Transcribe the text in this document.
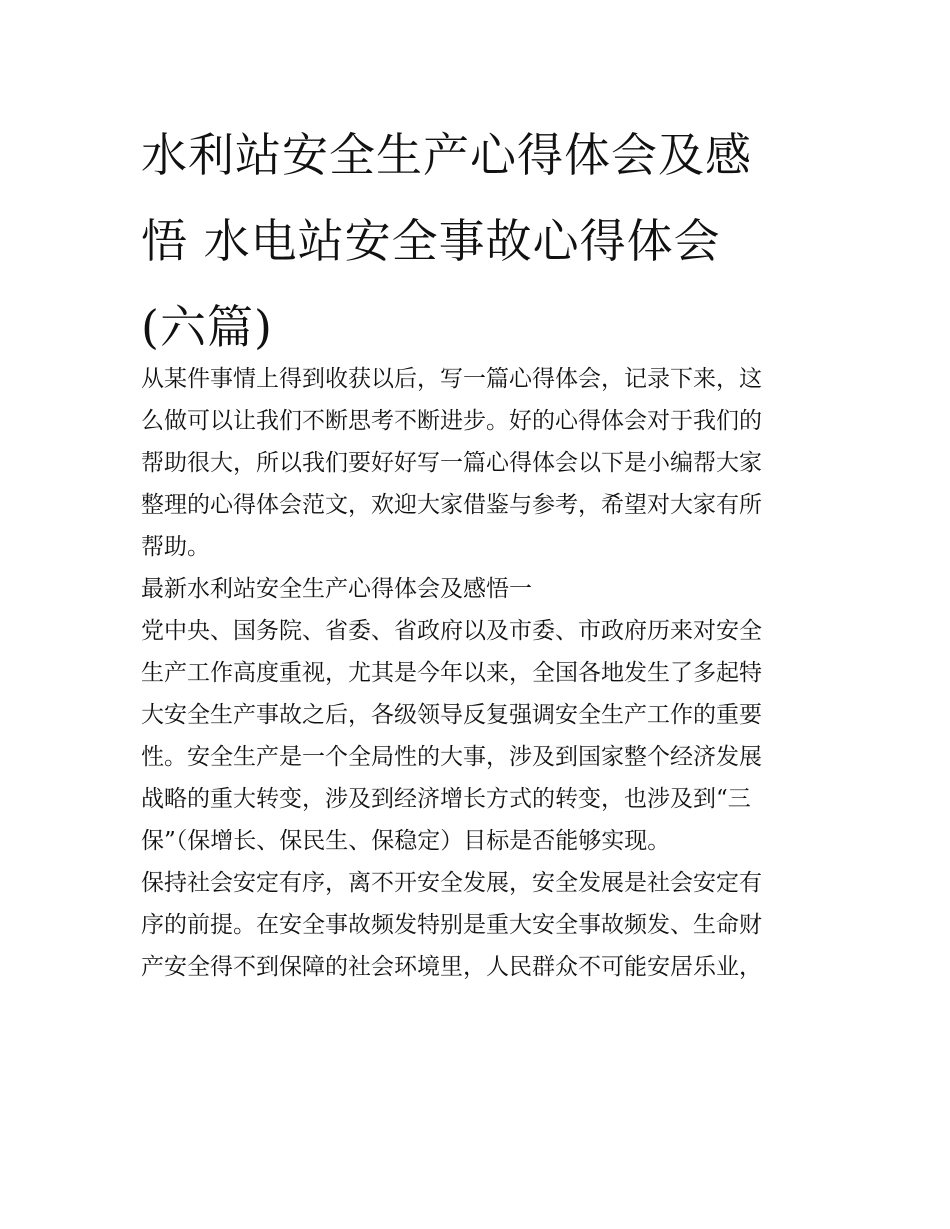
水利站安全生产心得体会及感
悟 水电站安全事故心得体会
(六篇)

从某件事情上得到收获以后，写一篇心得体会，记录下来，这
么做可以让我们不断思考不断进步。好的心得体会对于我们的
帮助很大，所以我们要好好写一篇心得体会以下是小编帮大家
整理的心得体会范文，欢迎大家借鉴与参考，希望对大家有所
帮助。

最新水利站安全生产心得体会及感悟一

党中央、国务院、省委、省政府以及市委、市政府历来对安全
生产工作高度重视，尤其是今年以来，全国各地发生了多起特
大安全生产事故之后，各级领导反复强调安全生产工作的重要
性。安全生产是一个全局性的大事，涉及到国家整个经济发展
战略的重大转变，涉及到经济增长方式的转变，也涉及到“三
保”（保增长、保民生、保稳定）目标是否能够实现。

保持社会安定有序，离不开安全发展，安全发展是社会安定有
序的前提。在安全事故频发特别是重大安全事故频发、生命财
产安全得不到保障的社会环境里，人民群众不可能安居乐业，
